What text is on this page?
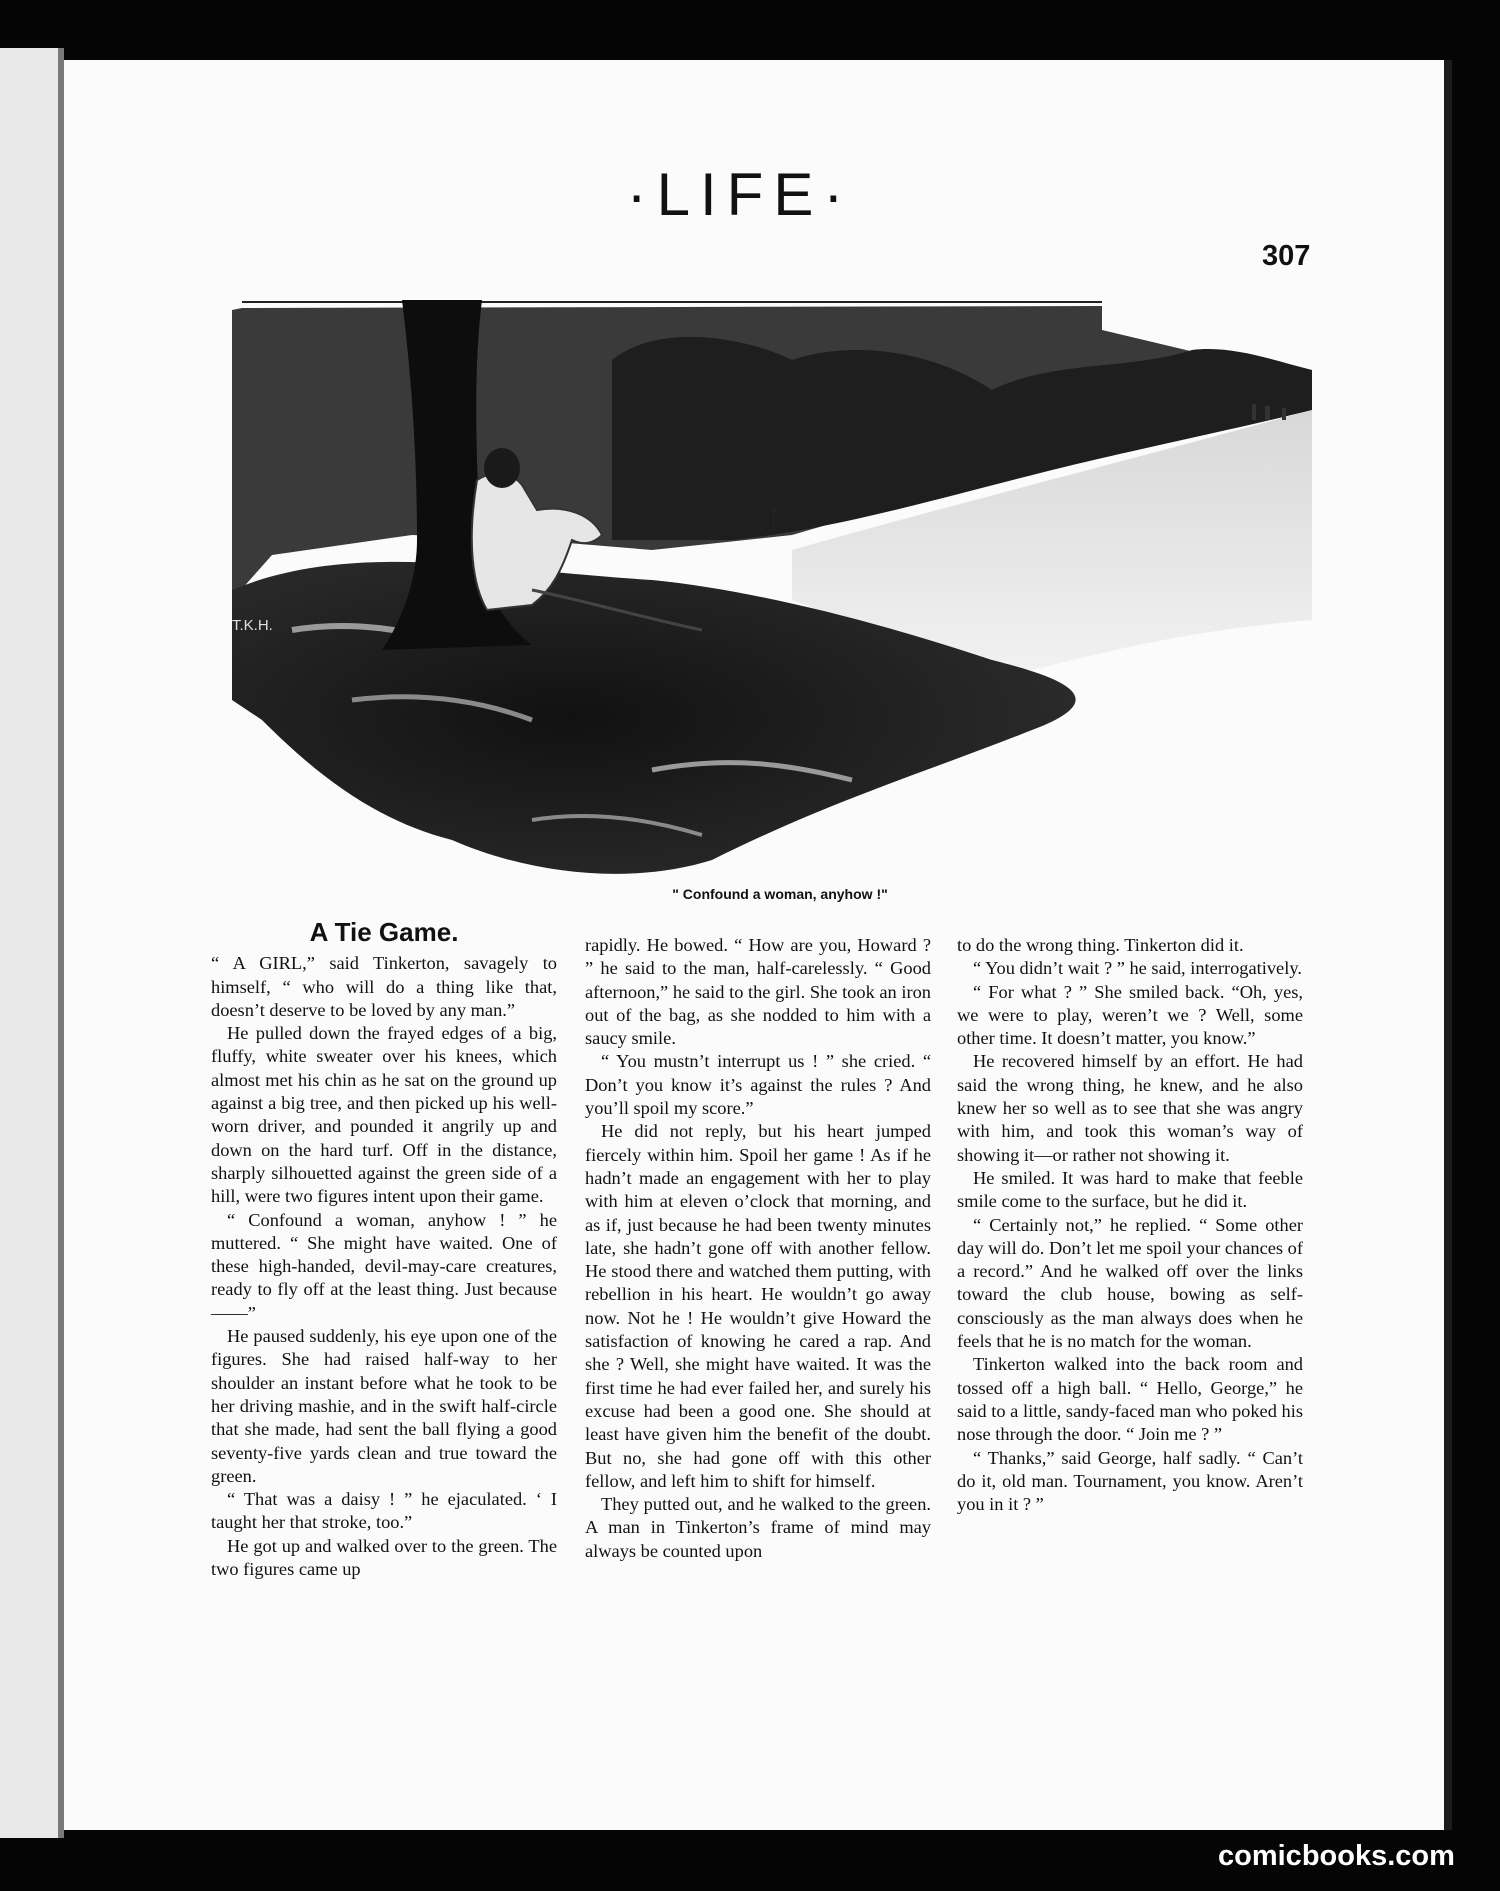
·LIFE·
307
T.K.H.
" Confound a woman, anyhow !"
A Tie Game.

“ A GIRL,” said Tinkerton, savagely to himself, “ who will do a thing like that, doesn’t deserve to be loved by any man.”

He pulled down the frayed edges of a big, fluffy, white sweater over his knees, which almost met his chin as he sat on the ground up against a big tree, and then picked up his well-worn driver, and pounded it angrily up and down on the hard turf. Off in the distance, sharply silhouetted against the green side of a hill, were two figures intent upon their game.

“ Confound a woman, anyhow ! ” he muttered. “ She might have waited. One of these high-handed, devil-may-care creatures, ready to fly off at the least thing. Just because——”

He paused suddenly, his eye upon one of the figures. She had raised half-way to her shoulder an instant before what he took to be her driving mashie, and in the swift half-circle that she made, had sent the ball flying a good seventy-five yards clean and true toward the green.

“ That was a daisy ! ” he ejaculated. ‘ I taught her that stroke, too.”

He got up and walked over to the green. The two figures came up

rapidly. He bowed. “ How are you, Howard ? ” he said to the man, half-carelessly. “ Good afternoon,” he said to the girl. She took an iron out of the bag, as she nodded to him with a saucy smile.

“ You mustn’t interrupt us ! ” she cried. “ Don’t you know it’s against the rules ? And you’ll spoil my score.”

He did not reply, but his heart jumped fiercely within him. Spoil her game ! As if he hadn’t made an engagement with her to play with him at eleven o’clock that morning, and as if, just because he had been twenty minutes late, she hadn’t gone off with another fellow. He stood there and watched them putting, with rebellion in his heart. He wouldn’t go away now. Not he ! He wouldn’t give Howard the satisfaction of knowing he cared a rap. And she ? Well, she might have waited. It was the first time he had ever failed her, and surely his excuse had been a good one. She should at least have given him the benefit of the doubt. But no, she had gone off with this other fellow, and left him to shift for himself.

They putted out, and he walked to the green. A man in Tinkerton’s frame of mind may always be counted upon

to do the wrong thing. Tinkerton did it.

“ You didn’t wait ? ” he said, interrogatively.

“ For what ? ” She smiled back. “Oh, yes, we were to play, weren’t we ? Well, some other time. It doesn’t matter, you know.”

He recovered himself by an effort. He had said the wrong thing, he knew, and he also knew her so well as to see that she was angry with him, and took this woman’s way of showing it—or rather not showing it.

He smiled. It was hard to make that feeble smile come to the surface, but he did it.

“ Certainly not,” he replied. “ Some other day will do. Don’t let me spoil your chances of a record.” And he walked off over the links toward the club house, bowing as self-consciously as the man always does when he feels that he is no match for the woman.

Tinkerton walked into the back room and tossed off a high ball. “ Hello, George,” he said to a little, sandy-faced man who poked his nose through the door. “ Join me ? ”

“ Thanks,” said George, half sadly. “ Can’t do it, old man. Tournament, you know. Aren’t you in it ? ”

comicbooks.com
